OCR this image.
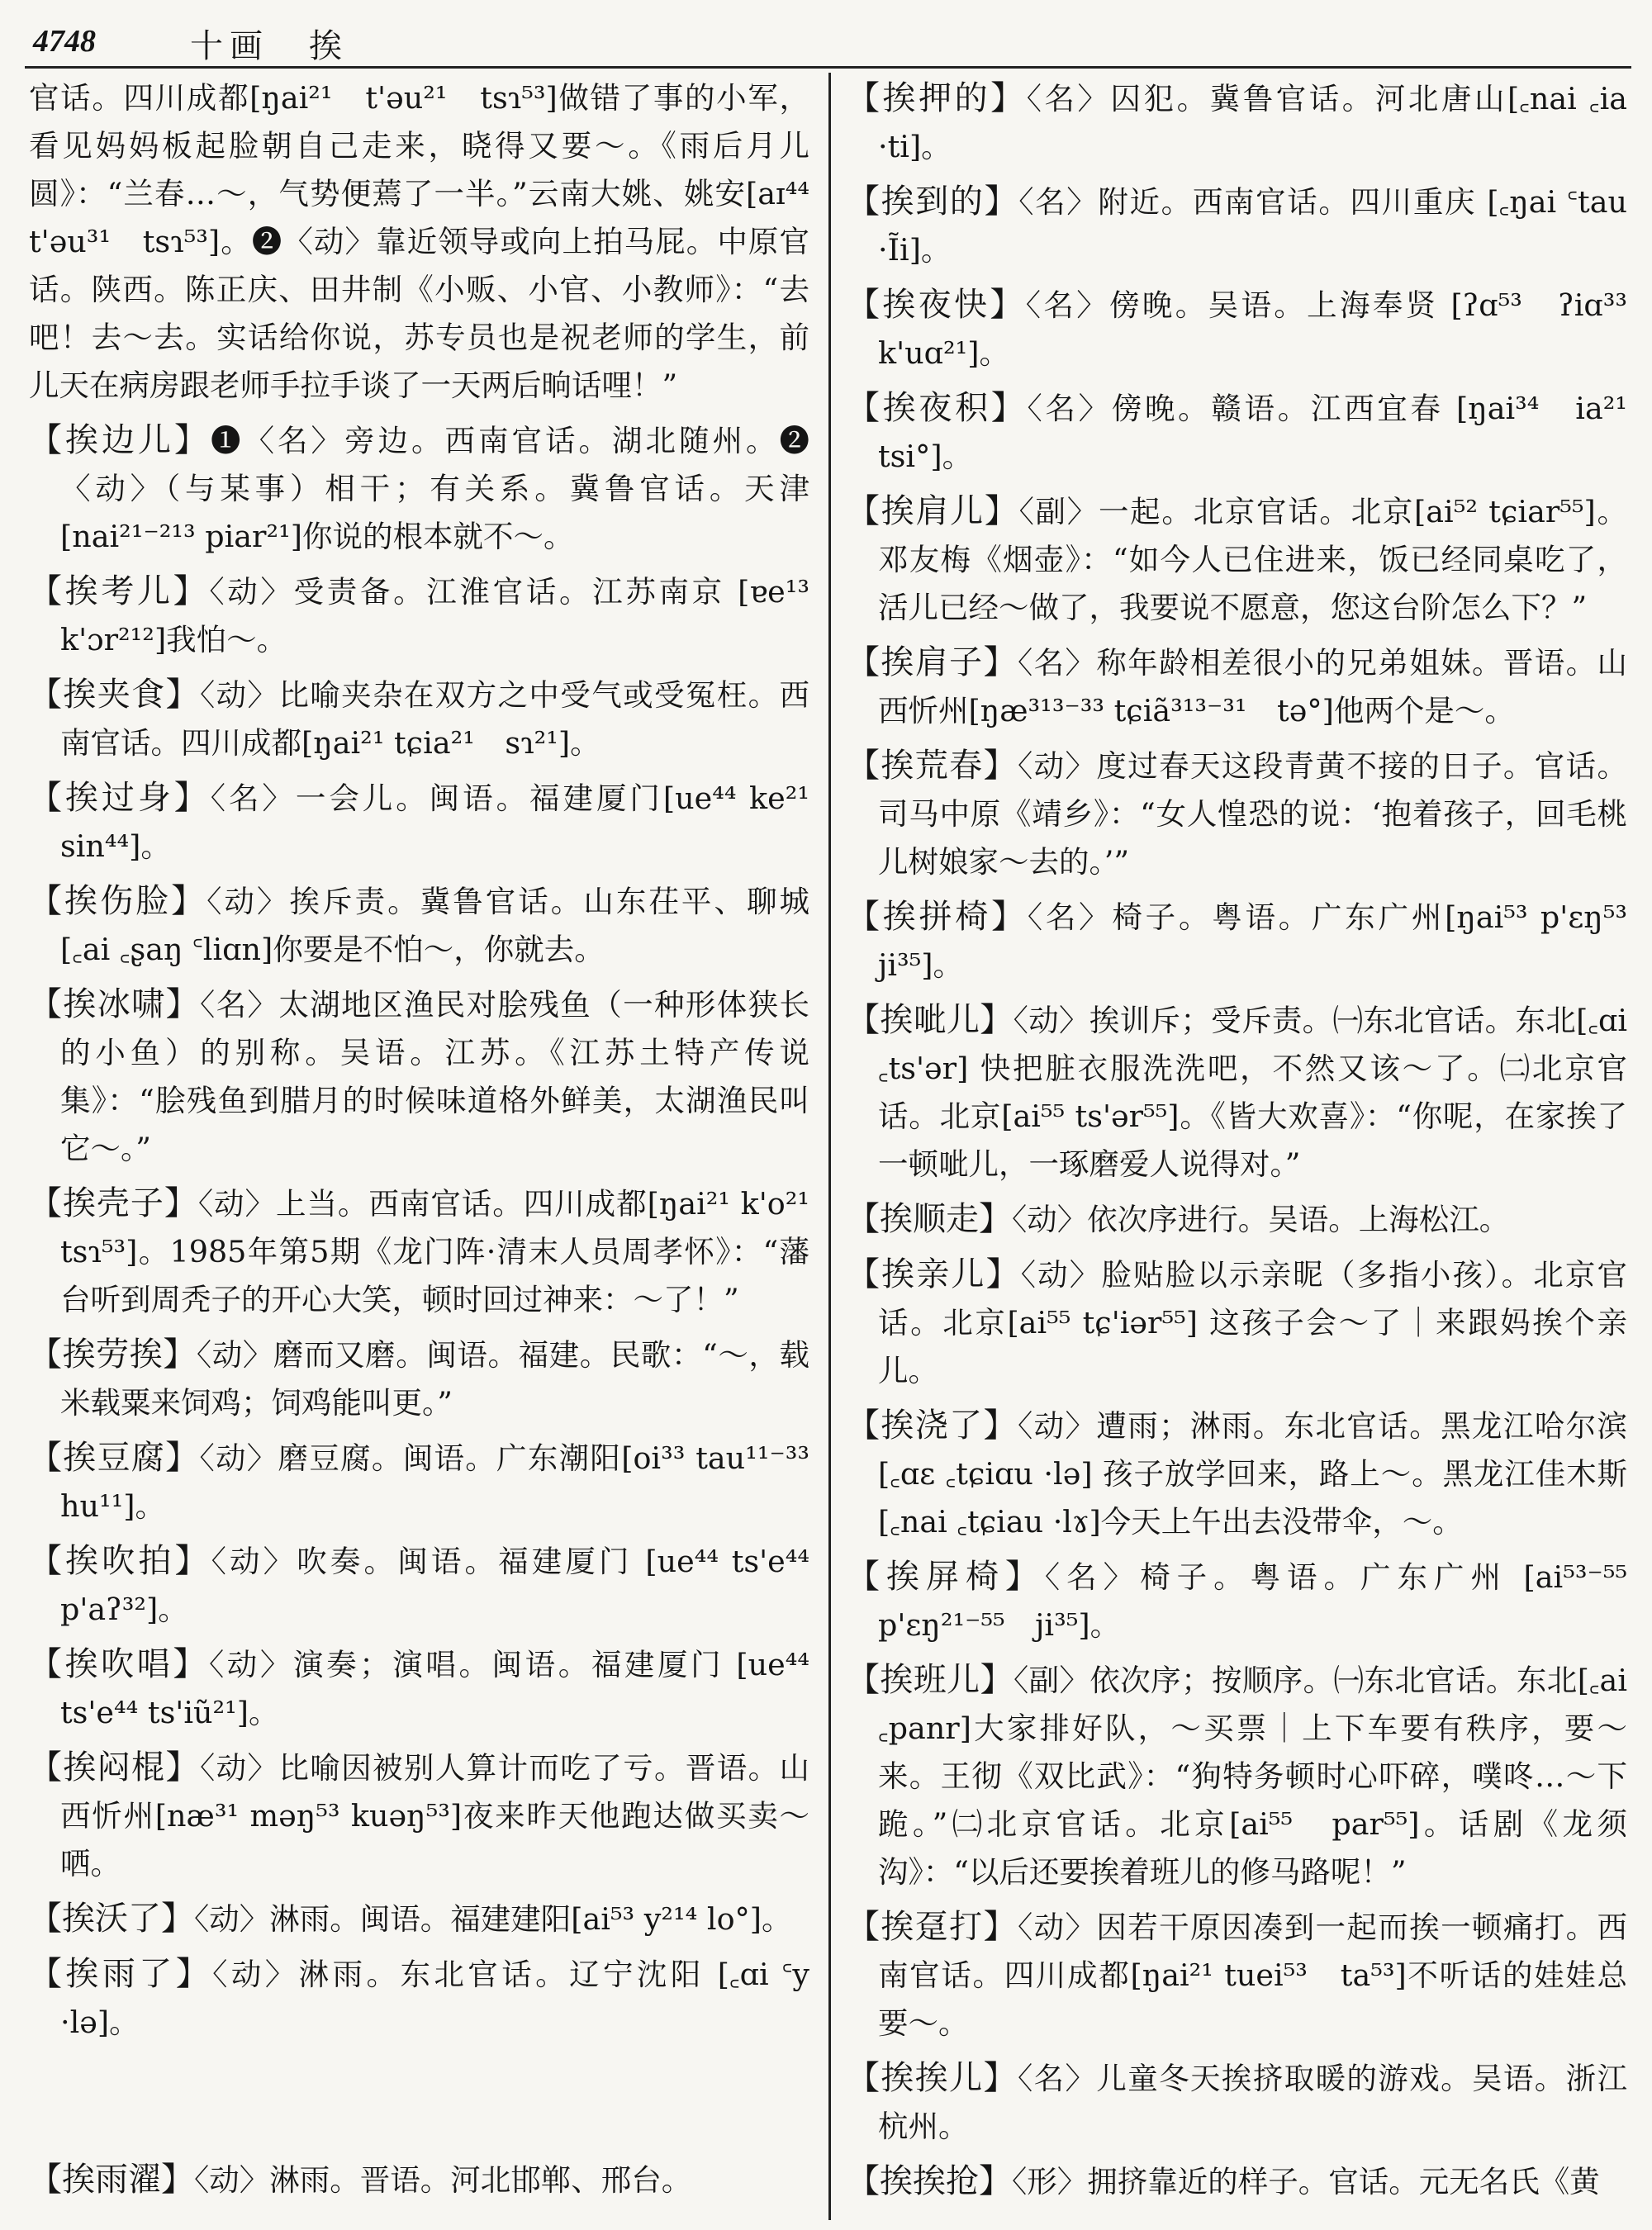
4748	十画　挨
官话。四川成都[ŋai²¹　t'əu²¹　tsɿ⁵³]做错了事的小军，看见妈妈板起脸朝自己走来，晓得又要～。《雨后月儿圆》：“兰春…～，气势便蔫了一半。”云南大姚、姚安[aɪ⁴⁴ t'əu³¹　tsɿ⁵³]。❷〈动〉靠近领导或向上拍马屁。中原官话。陕西。陈正庆、田井制《小贩、小官、小教师》：“去吧！去～去。实话给你说，苏专员也是祝老师的学生，前儿天在病房跟老师手拉手谈了一天两后晌话哩！”
【挨边儿】❶〈名〉旁边。西南官话。湖北随州。❷〈动〉（与某事）相干；有关系。冀鲁官话。天津 [nai²¹⁻²¹³ piar²¹]你说的根本就不～。
【挨考儿】〈动〉受责备。江淮官话。江苏南京 [ɐe¹³ k'ɔr²¹²]我怕～。
【挨夹食】〈动〉比喻夹杂在双方之中受气或受冤枉。西南官话。四川成都[ŋai²¹ tɕia²¹　sɿ²¹]。
【挨过身】〈名〉一会儿。闽语。福建厦门[ue⁴⁴ ke²¹ sin⁴⁴]。
【挨伤脸】〈动〉挨斥责。冀鲁官话。山东茌平、聊城 [꜀ai ꜀ʂaŋ ꜂liɑn]你要是不怕～，你就去。
【挨冰啸】〈名〉太湖地区渔民对脍残鱼（一种形体狭长的小鱼）的别称。吴语。江苏。《江苏土特产传说集》：“脍残鱼到腊月的时候味道格外鲜美，太湖渔民叫它～。”
【挨壳子】〈动〉上当。西南官话。四川成都[ŋai²¹ k'o²¹　tsɿ⁵³]。1985年第5期《龙门阵·清末人员周孝怀》：“藩台听到周秃子的开心大笑，顿时回过神来：～了！”
【挨劳挨】〈动〉磨而又磨。闽语。福建。民歌：“～，载米载粟来饲鸡；饲鸡能叫更。”
【挨豆腐】〈动〉磨豆腐。闽语。广东潮阳[oi³³ tau¹¹⁻³³ hu¹¹]。
【挨吹拍】〈动〉吹奏。闽语。福建厦门 [ue⁴⁴ ts'e⁴⁴ p'aʔ³²]。
【挨吹唱】〈动〉演奏；演唱。闽语。福建厦门 [ue⁴⁴ ts'e⁴⁴ ts'iũ²¹]。
【挨闷棍】〈动〉比喻因被别人算计而吃了亏。晋语。山西忻州[næ³¹ məŋ⁵³ kuəŋ⁵³]夜来昨天他跑达做买卖～哂。
【挨沃了】〈动〉淋雨。闽语。福建建阳[ai⁵³ y²¹⁴ lo°]。
【挨雨了】〈动〉淋雨。东北官话。辽宁沈阳 [꜀ɑi ꜂y ·lə]。
【挨押的】〈名〉囚犯。冀鲁官话。河北唐山[꜀nai ꜀ia ·ti]。
【挨到的】〈名〉附近。西南官话。四川重庆 [꜀ŋai ꜂tau ·Ĩi]。
【挨夜快】〈名〉傍晚。吴语。上海奉贤 [ʔɑ⁵³　ʔiɑ³³ k'uɑ²¹]。
【挨夜积】〈名〉傍晚。赣语。江西宜春 [ŋai³⁴　ia²¹ tsi°]。
【挨肩儿】〈副〉一起。北京官话。北京[ai⁵² tɕiar⁵⁵]。邓友梅《烟壶》：“如今人已住进来，饭已经同桌吃了，活儿已经～做了，我要说不愿意，您这台阶怎么下？”
【挨肩子】〈名〉称年龄相差很小的兄弟姐妹。晋语。山西忻州[ŋæ³¹³⁻³³ tɕiã³¹³⁻³¹　tə°]他两个是～。
【挨荒春】〈动〉度过春天这段青黄不接的日子。官话。司马中原《靖乡》：“女人惶恐的说：‘抱着孩子，回毛桃儿树娘家～去的。’”
【挨拼椅】〈名〉椅子。粤语。广东广州[ŋai⁵³ p'ɛŋ⁵³ ji³⁵]。
【挨呲儿】〈动〉挨训斥；受斥责。㈠东北官话。东北[꜀ɑi ꜀ts'ər] 快把脏衣服洗洗吧，不然又该～了。㈡北京官话。北京[ai⁵⁵ ts'ər⁵⁵]。《皆大欢喜》：“你呢，在家挨了一顿呲儿，一琢磨爱人说得对。”
【挨顺走】〈动〉依次序进行。吴语。上海松江。
【挨亲儿】〈动〉脸贴脸以示亲昵（多指小孩）。北京官话。北京[ai⁵⁵ tɕ'iər⁵⁵] 这孩子会～了｜来跟妈挨个亲儿。
【挨浇了】〈动〉遭雨；淋雨。东北官话。黑龙江哈尔滨 [꜀ɑɛ ꜀tɕiɑu ·lə] 孩子放学回来，路上～。黑龙江佳木斯[꜀nai ꜀tɕiau ·lɤ]今天上午出去没带伞，～。
【挨屏椅】〈名〉椅子。粤语。广东广州 [ai⁵³⁻⁵⁵ p'ɛŋ²¹⁻⁵⁵　ji³⁵]。
【挨班儿】〈副〉依次序；按顺序。㈠东北官话。东北[꜀ai ꜀panr]大家排好队，～买票｜上下车要有秩序，要～来。王彻《双比武》：“狗特务顿时心吓碎，噗咚…～下跪。”㈡北京官话。北京[ai⁵⁵　par⁵⁵]。话剧《龙须沟》：“以后还要挨着班儿的修马路呢！”
【挨趸打】〈动〉因若干原因凑到一起而挨一顿痛打。西南官话。四川成都[ŋai²¹ tuei⁵³　ta⁵³]不听话的娃娃总要～。
【挨挨儿】〈名〉儿童冬天挨挤取暖的游戏。吴语。浙江杭州。
【挨挨抢】〈形〉拥挤靠近的样子。官话。元无名氏《黄
【挨雨濯】〈动〉淋雨。晋语。河北邯郸、邢台。
